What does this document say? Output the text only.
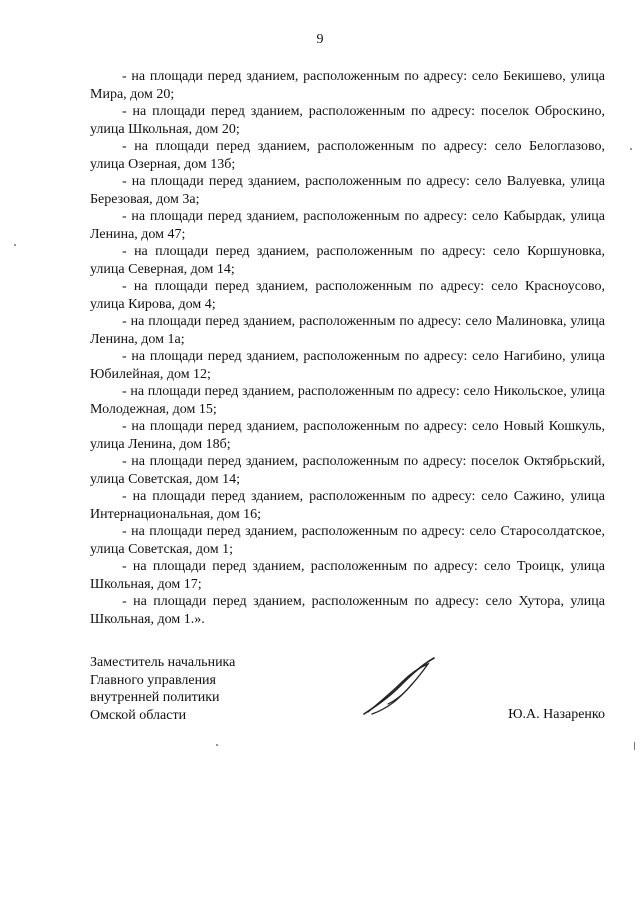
9

- на площади перед зданием, расположенным по адресу: село Бекишево, улица Мира, дом 20;

- на площади перед зданием, расположенным по адресу: поселок Оброскино, улица Школьная, дом 20;

- на площади перед зданием, расположенным по адресу: село Белоглазово, улица Озерная, дом 13б;

- на площади перед зданием, расположенным по адресу: село Валуевка, улица Березовая, дом 3а;

- на площади перед зданием, расположенным по адресу: село Кабырдак, улица Ленина, дом 47;

- на площади перед зданием, расположенным по адресу: село Коршуновка, улица Северная, дом 14;

- на площади перед зданием, расположенным по адресу: село Красноусово, улица Кирова, дом 4;

- на площади перед зданием, расположенным по адресу: село Малиновка, улица Ленина, дом 1а;

- на площади перед зданием, расположенным по адресу: село Нагибино, улица Юбилейная, дом 12;

- на площади перед зданием, расположенным по адресу: село Никольское, улица Молодежная, дом 15;

- на площади перед зданием, расположенным по адресу: село Новый Кошкуль, улица Ленина, дом 18б;

- на площади перед зданием, расположенным по адресу: поселок Октябрьский, улица Советская, дом 14;

- на площади перед зданием, расположенным по адресу: село Сажино, улица Интернациональная, дом 16;

- на площади перед зданием, расположенным по адресу: село Старосолдатское, улица Советская, дом 1;

- на площади перед зданием, расположенным по адресу: село Троицк, улица Школьная, дом 17;

- на площади перед зданием, расположенным по адресу: село Хутора, улица Школьная, дом 1.».

Заместитель начальника
Главного управления
внутренней политики
Омской области	Ю.А. Назаренко
